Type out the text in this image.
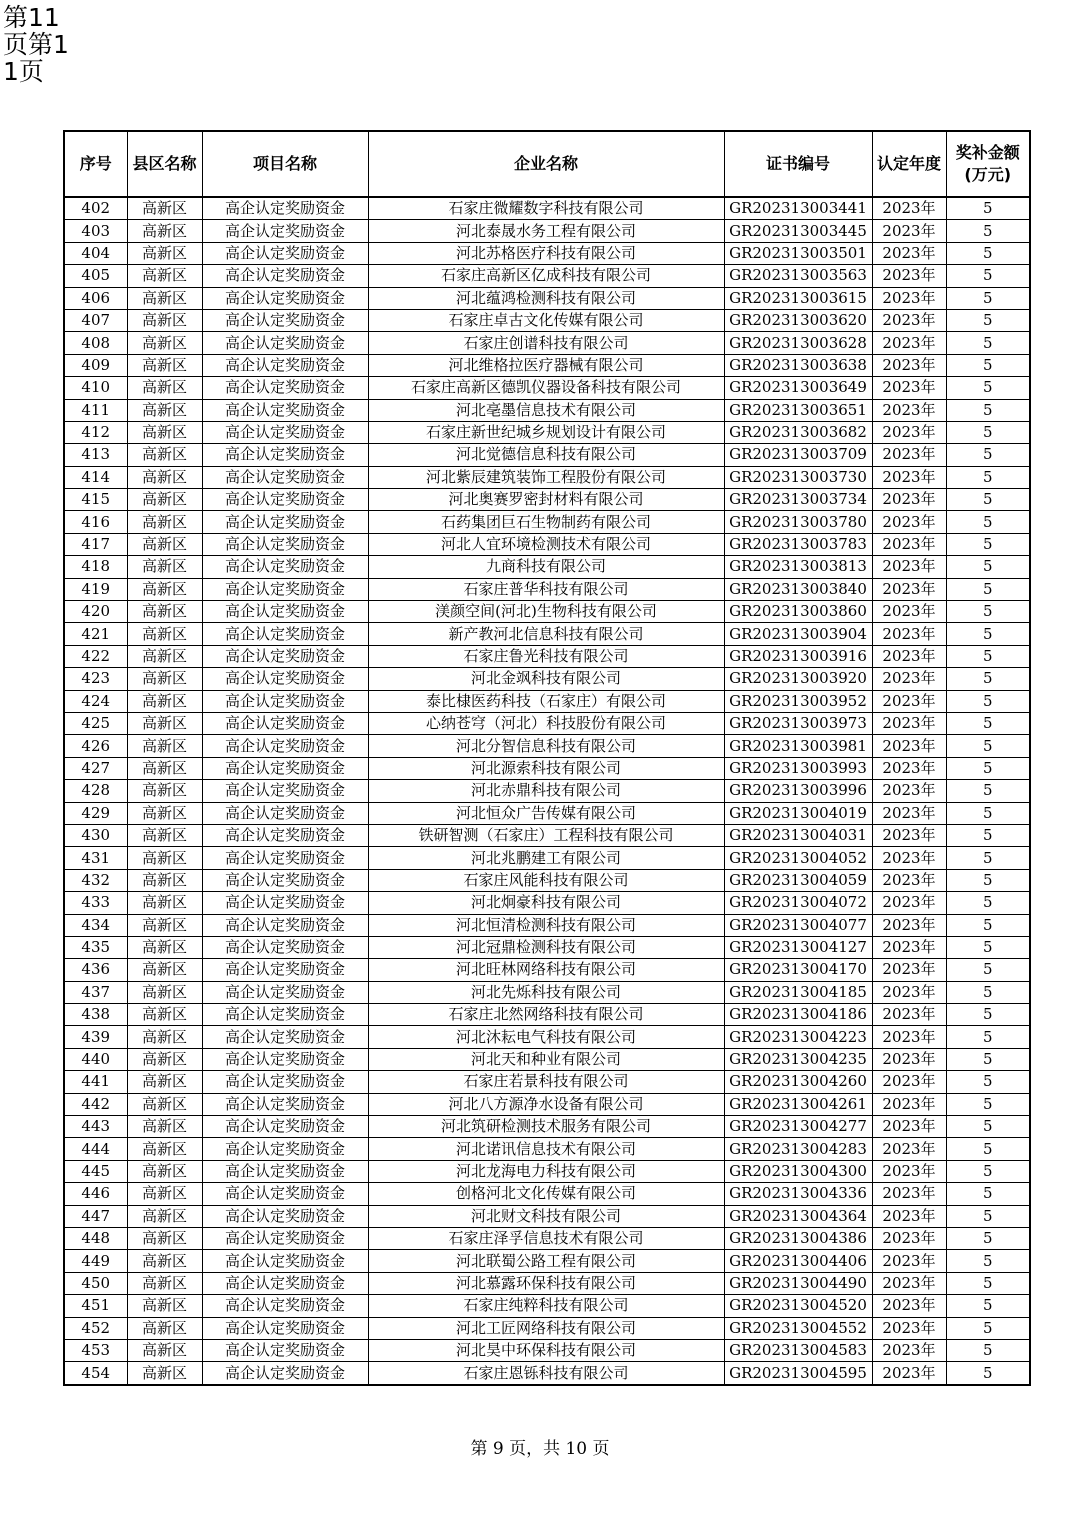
第11页第11页
序号	县区名称	项目名称	企业名称	证书编号	认定年度	奖补金额
(万元)
402	高新区	高企认定奖励资金	石家庄微耀数字科技有限公司	GR202313003441	2023年	5
403	高新区	高企认定奖励资金	河北泰晟水务工程有限公司	GR202313003445	2023年	5
404	高新区	高企认定奖励资金	河北苏格医疗科技有限公司	GR202313003501	2023年	5
405	高新区	高企认定奖励资金	石家庄高新区亿成科技有限公司	GR202313003563	2023年	5
406	高新区	高企认定奖励资金	河北蕴鸿检测科技有限公司	GR202313003615	2023年	5
407	高新区	高企认定奖励资金	石家庄卓古文化传媒有限公司	GR202313003620	2023年	5
408	高新区	高企认定奖励资金	石家庄创谱科技有限公司	GR202313003628	2023年	5
409	高新区	高企认定奖励资金	河北维格拉医疗器械有限公司	GR202313003638	2023年	5
410	高新区	高企认定奖励资金	石家庄高新区德凯仪器设备科技有限公司	GR202313003649	2023年	5
411	高新区	高企认定奖励资金	河北亳墨信息技术有限公司	GR202313003651	2023年	5
412	高新区	高企认定奖励资金	石家庄新世纪城乡规划设计有限公司	GR202313003682	2023年	5
413	高新区	高企认定奖励资金	河北觉德信息科技有限公司	GR202313003709	2023年	5
414	高新区	高企认定奖励资金	河北紫辰建筑装饰工程股份有限公司	GR202313003730	2023年	5
415	高新区	高企认定奖励资金	河北奥赛罗密封材料有限公司	GR202313003734	2023年	5
416	高新区	高企认定奖励资金	石药集团巨石生物制药有限公司	GR202313003780	2023年	5
417	高新区	高企认定奖励资金	河北人宜环境检测技术有限公司	GR202313003783	2023年	5
418	高新区	高企认定奖励资金	九商科技有限公司	GR202313003813	2023年	5
419	高新区	高企认定奖励资金	石家庄普华科技有限公司	GR202313003840	2023年	5
420	高新区	高企认定奖励资金	渼颜空间(河北)生物科技有限公司	GR202313003860	2023年	5
421	高新区	高企认定奖励资金	新产教河北信息科技有限公司	GR202313003904	2023年	5
422	高新区	高企认定奖励资金	石家庄鲁光科技有限公司	GR202313003916	2023年	5
423	高新区	高企认定奖励资金	河北金飒科技有限公司	GR202313003920	2023年	5
424	高新区	高企认定奖励资金	泰比棣医药科技（石家庄）有限公司	GR202313003952	2023年	5
425	高新区	高企认定奖励资金	心纳苍穹（河北）科技股份有限公司	GR202313003973	2023年	5
426	高新区	高企认定奖励资金	河北分智信息科技有限公司	GR202313003981	2023年	5
427	高新区	高企认定奖励资金	河北源索科技有限公司	GR202313003993	2023年	5
428	高新区	高企认定奖励资金	河北赤鼎科技有限公司	GR202313003996	2023年	5
429	高新区	高企认定奖励资金	河北恒众广告传媒有限公司	GR202313004019	2023年	5
430	高新区	高企认定奖励资金	铁研智测（石家庄）工程科技有限公司	GR202313004031	2023年	5
431	高新区	高企认定奖励资金	河北兆鹏建工有限公司	GR202313004052	2023年	5
432	高新区	高企认定奖励资金	石家庄风能科技有限公司	GR202313004059	2023年	5
433	高新区	高企认定奖励资金	河北炯豪科技有限公司	GR202313004072	2023年	5
434	高新区	高企认定奖励资金	河北恒清检测科技有限公司	GR202313004077	2023年	5
435	高新区	高企认定奖励资金	河北冠鼎检测科技有限公司	GR202313004127	2023年	5
436	高新区	高企认定奖励资金	河北旺林网络科技有限公司	GR202313004170	2023年	5
437	高新区	高企认定奖励资金	河北先烁科技有限公司	GR202313004185	2023年	5
438	高新区	高企认定奖励资金	石家庄北然网络科技有限公司	GR202313004186	2023年	5
439	高新区	高企认定奖励资金	河北沐耘电气科技有限公司	GR202313004223	2023年	5
440	高新区	高企认定奖励资金	河北天和种业有限公司	GR202313004235	2023年	5
441	高新区	高企认定奖励资金	石家庄若景科技有限公司	GR202313004260	2023年	5
442	高新区	高企认定奖励资金	河北八方源净水设备有限公司	GR202313004261	2023年	5
443	高新区	高企认定奖励资金	河北筑研检测技术服务有限公司	GR202313004277	2023年	5
444	高新区	高企认定奖励资金	河北诺讯信息技术有限公司	GR202313004283	2023年	5
445	高新区	高企认定奖励资金	河北龙海电力科技有限公司	GR202313004300	2023年	5
446	高新区	高企认定奖励资金	创格河北文化传媒有限公司	GR202313004336	2023年	5
447	高新区	高企认定奖励资金	河北财文科技有限公司	GR202313004364	2023年	5
448	高新区	高企认定奖励资金	石家庄泽孚信息技术有限公司	GR202313004386	2023年	5
449	高新区	高企认定奖励资金	河北联蜀公路工程有限公司	GR202313004406	2023年	5
450	高新区	高企认定奖励资金	河北慕露环保科技有限公司	GR202313004490	2023年	5
451	高新区	高企认定奖励资金	石家庄纯粹科技有限公司	GR202313004520	2023年	5
452	高新区	高企认定奖励资金	河北工匠网络科技有限公司	GR202313004552	2023年	5
453	高新区	高企认定奖励资金	河北昊中环保科技有限公司	GR202313004583	2023年	5
454	高新区	高企认定奖励资金	石家庄恩铄科技有限公司	GR202313004595	2023年	5
第 9 页，共 10 页
